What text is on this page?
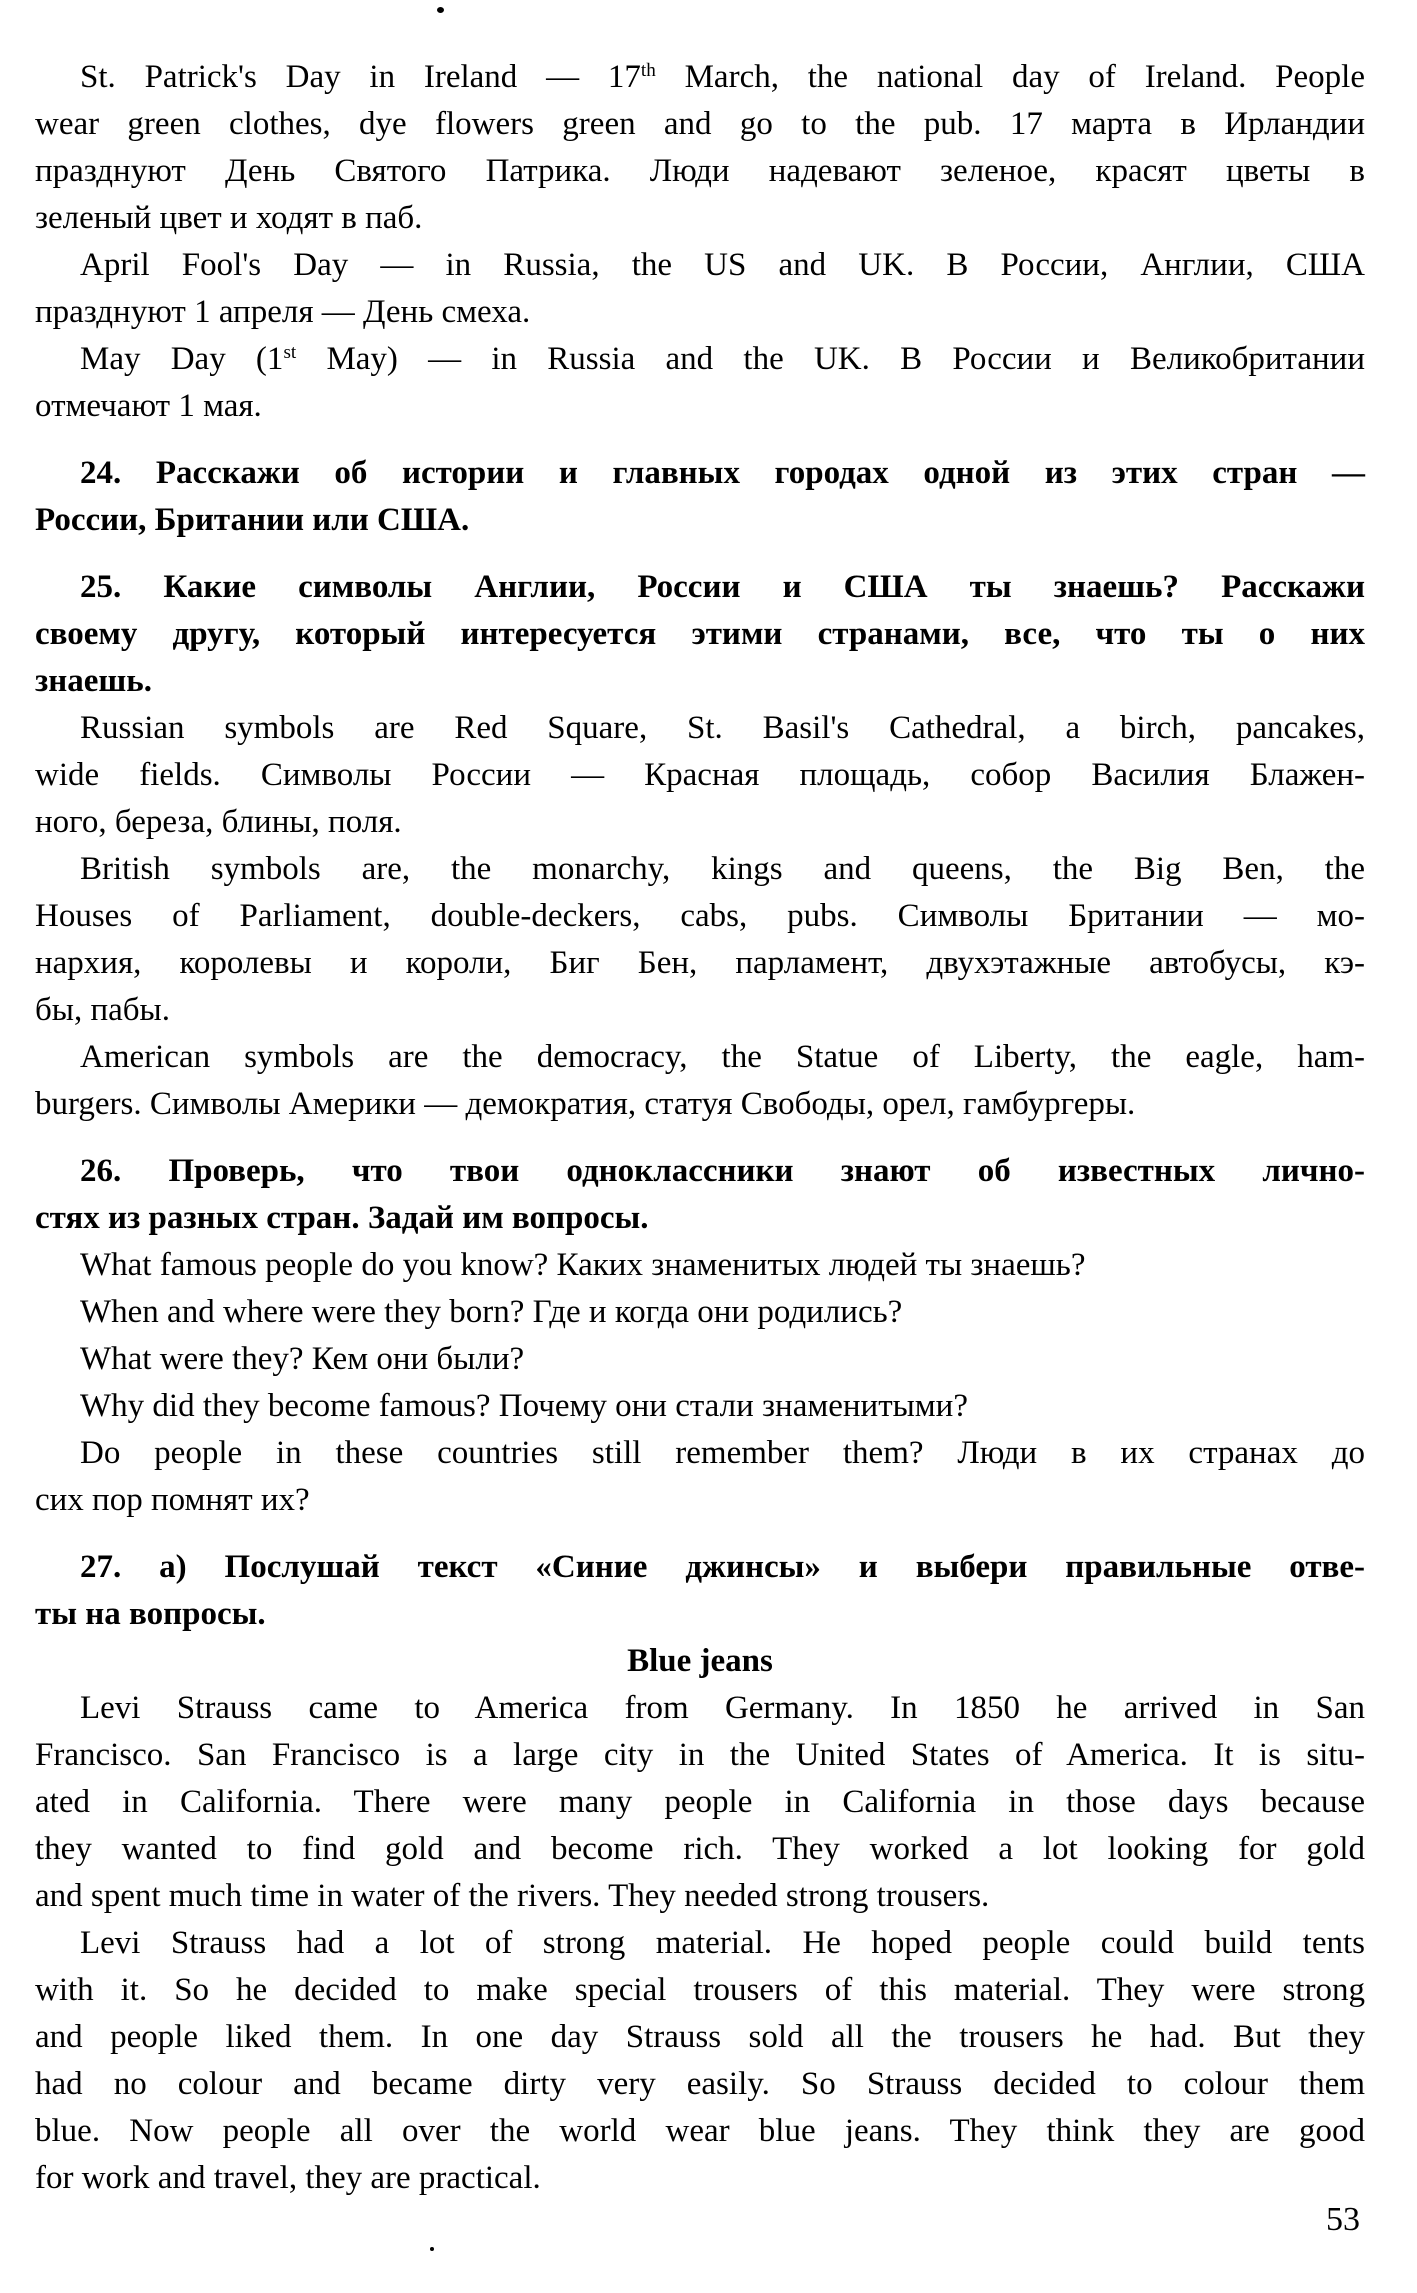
St. Patrick's Day in Ireland — 17th March, the national day of Ireland. People
wear green clothes, dye flowers green and go to the pub. 17 марта в Ирландии
празднуют День Святого Патрика. Люди надевают зеленое, красят цветы в
зеленый цвет и ходят в паб.
April Fool's Day — in Russia, the US and UK. В России, Англии, США
празднуют 1 апреля — День смеха.
May Day (1st May) — in Russia and the UK. В России и Великобритании
отмечают 1 мая.
24. Расскажи об истории и главных городах одной из этих стран —
России, Британии или США.
25. Какие символы Англии, России и США ты знаешь? Расскажи
своему другу, который интересуется этими странами, все, что ты о них
знаешь.
Russian symbols are Red Square, St. Basil's Cathedral, a birch, pancakes,
wide fields. Символы России — Красная площадь, собор Василия Блажен-
ного, береза, блины, поля.
British symbols are, the monarchy, kings and queens, the Big Ben, the
Houses of Parliament, double-deckers, cabs, pubs. Символы Британии — мо-
нархия, королевы и короли, Биг Бен, парламент, двухэтажные автобусы, кэ-
бы, пабы.
American symbols are the democracy, the Statue of Liberty, the eagle, ham-
burgers. Символы Америки — демократия, статуя Свободы, орел, гамбургеры.
26. Проверь, что твои одноклассники знают об известных лично-
стях из разных стран. Задай им вопросы.
What famous people do you know? Каких знаменитых людей ты знаешь?
When and where were they born? Где и когда они родились?
What were they? Кем они были?
Why did they become famous? Почему они стали знаменитыми?
Do people in these countries still remember them? Люди в их странах до
сих пор помнят их?
27. а) Послушай текст «Синие джинсы» и выбери правильные отве-
ты на вопросы.
Blue jeans
Levi Strauss came to America from Germany. In 1850 he arrived in San
Francisco. San Francisco is a large city in the United States of America. It is situ-
ated in California. There were many people in California in those days because
they wanted to find gold and become rich. They worked a lot looking for gold
and spent much time in water of the rivers. They needed strong trousers.
Levi Strauss had a lot of strong material. He hoped people could build tents
with it. So he decided to make special trousers of this material. They were strong
and people liked them. In one day Strauss sold all the trousers he had. But they
had no colour and became dirty very easily. So Strauss decided to colour them
blue. Now people all over the world wear blue jeans. They think they are good
for work and travel, they are practical.
53
